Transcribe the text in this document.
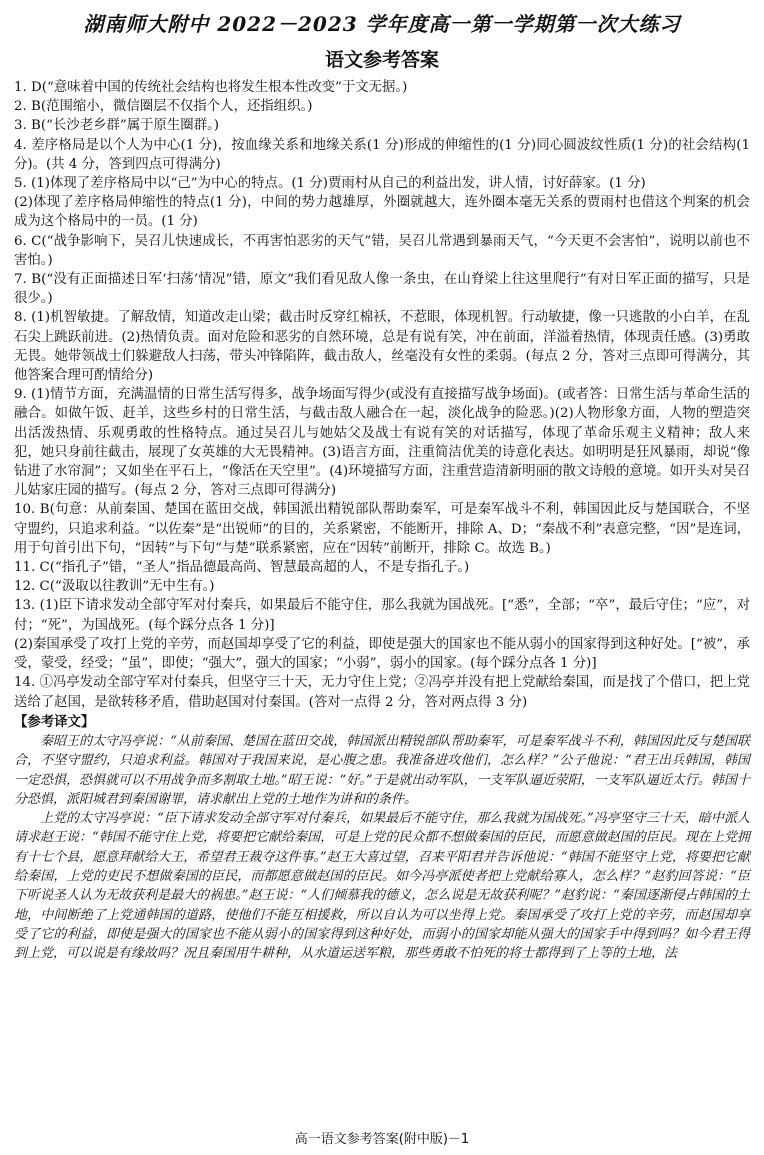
湖南师大附中 2022－2023 学年度高一第一学期第一次大练习
语文参考答案

1. D(“意味着中国的传统社会结构也将发生根本性改变”于文无据。)

2. B(范围缩小，微信圈层不仅指个人，还指组织。)

3. B(“长沙老乡群”属于原生圈群。)

4. 差序格局是以个人为中心(1 分)，按血缘关系和地缘关系(1 分)形成的伸缩性的(1 分)同心圆波纹性质(1 分)的社会结构(1 分)。(共 4 分，答到四点可得满分)

5. (1)体现了差序格局中以“己”为中心的特点。(1 分)贾雨村从自己的利益出发，讲人情，讨好薛家。(1 分)
(2)体现了差序格局伸缩性的特点(1 分)，中间的势力越雄厚，外圈就越大，连外圈本毫无关系的贾雨村也借这个判案的机会成为这个格局中的一员。(1 分)

6. C(“战争影响下，吴召儿快速成长，不再害怕恶劣的天气”错，吴召儿常遇到暴雨天气，“今天更不会害怕”，说明以前也不害怕。)

7. B(“没有正面描述日军‘扫荡’情况”错，原文“我们看见敌人像一条虫，在山脊梁上往这里爬行”有对日军正面的描写，只是很少。)

8. (1)机智敏捷。了解敌情，知道改走山梁；截击时反穿红棉袄，不惹眼，体现机智。行动敏捷，像一只逃散的小白羊，在乱石尖上跳跃前进。(2)热情负责。面对危险和恶劣的自然环境，总是有说有笑，冲在前面，洋溢着热情，体现责任感。(3)勇敢无畏。她带领战士们躲避敌人扫荡，带头冲锋陷阵，截击敌人，丝毫没有女性的柔弱。(每点 2 分，答对三点即可得满分，其他答案合理可酌情给分)

9. (1)情节方面，充满温情的日常生活写得多，战争场面写得少(或没有直接描写战争场面)。(或者答：日常生活与革命生活的融合。如做午饭、赶羊，这些乡村的日常生活，与截击敌人融合在一起，淡化战争的险恶。)(2)人物形象方面，人物的塑造突出活泼热情、乐观勇敢的性格特点。通过吴召儿与她姑父及战士有说有笑的对话描写，体现了革命乐观主义精神；敌人来犯，她只身前往截击，展现了女英雄的大无畏精神。(3)语言方面，注重简洁优美的诗意化表达。如明明是狂风暴雨，却说“像钻进了水帘洞”；又如坐在平石上，“像活在天空里”。(4)环境描写方面，注重营造清新明丽的散文诗般的意境。如开头对吴召儿姑家庄园的描写。(每点 2 分，答对三点即可得满分)

10. B(句意：从前秦国、楚国在蓝田交战，韩国派出精锐部队帮助秦军，可是秦军战斗不利，韩国因此反与楚国联合，不坚守盟约，只追求利益。“以佐秦”是“出锐师”的目的，关系紧密，不能断开，排除 A、D；“秦战不利”表意完整，“因”是连词，用于句首引出下句，“因转”与下句“与楚”联系紧密，应在“因转”前断开，排除 C。故选 B。)

11. C(“指孔子”错，“圣人”指品德最高尚、智慧最高超的人，不是专指孔子。)

12. C(“汲取以往教训”无中生有。)

13. (1)臣下请求发动全部守军对付秦兵，如果最后不能守住，那么我就为国战死。[“悉”，全部；“卒”，最后守住；“应”，对付；“死”，为国战死。(每个踩分点各 1 分)]
(2)秦国承受了攻打上党的辛劳，而赵国却享受了它的利益，即使是强大的国家也不能从弱小的国家得到这种好处。[“被”，承受，蒙受，经受；“虽”，即使；“强大”，强大的国家；“小弱”，弱小的国家。(每个踩分点各 1 分)]

14. ①冯亭发动全部守军对付秦兵，但坚守三十天，无力守住上党；②冯亭并没有把上党献给秦国，而是找了个借口，把上党送给了赵国，是欲转移矛盾，借助赵国对付秦国。(答对一点得 2 分，答对两点得 3 分)

【参考译文】

秦昭王的太守冯亭说：“从前秦国、楚国在蓝田交战，韩国派出精锐部队帮助秦军，可是秦军战斗不利，韩国因此反与楚国联合，不坚守盟约，只追求利益。韩国对于我国来说，是心腹之患。我准备进攻他们，怎么样？”公子他说：“君王出兵韩国，韩国一定恐惧，恐惧就可以不用战争而多割取土地。”昭王说：“好。”于是就出动军队，一支军队逼近荥阳，一支军队逼近太行。韩国十分恐惧，派阳城君到秦国谢罪，请求献出上党的土地作为讲和的条件。

上党的太守冯亭说：“臣下请求发动全部守军对付秦兵，如果最后不能守住，那么我就为国战死。”冯亭坚守三十天，暗中派人请求赵王说：“韩国不能守住上党，将要把它献给秦国，可是上党的民众都不想做秦国的臣民，而愿意做赵国的臣民。现在上党拥有十七个县，愿意拜献给大王，希望君王裁夺这件事。”赵王大喜过望，召来平阳君并告诉他说：“韩国不能坚守上党，将要把它献给秦国，上党的吏民不想做秦国的臣民，而都愿意做赵国的臣民。如今冯亭派使者把上党献给寡人，怎么样？”赵豹回答说：“臣下听说圣人认为无故获利是最大的祸患。”赵王说：“人们倾慕我的德义，怎么说是无故获利呢？”赵豹说：“秦国逐渐侵占韩国的土地，中间断绝了上党通韩国的道路，使他们不能互相援救，所以自认为可以坐得上党。秦国承受了攻打上党的辛劳，而赵国却享受了它的利益，即使是强大的国家也不能从弱小的国家得到这种好处，而弱小的国家却能从强大的国家手中得到吗？如今君王得到上党，可以说是有缘故吗？况且秦国用牛耕种，从水道运送军粮，那些勇敢不怕死的将士都得到了上等的土地，法

高一语文参考答案(附中版)－1
